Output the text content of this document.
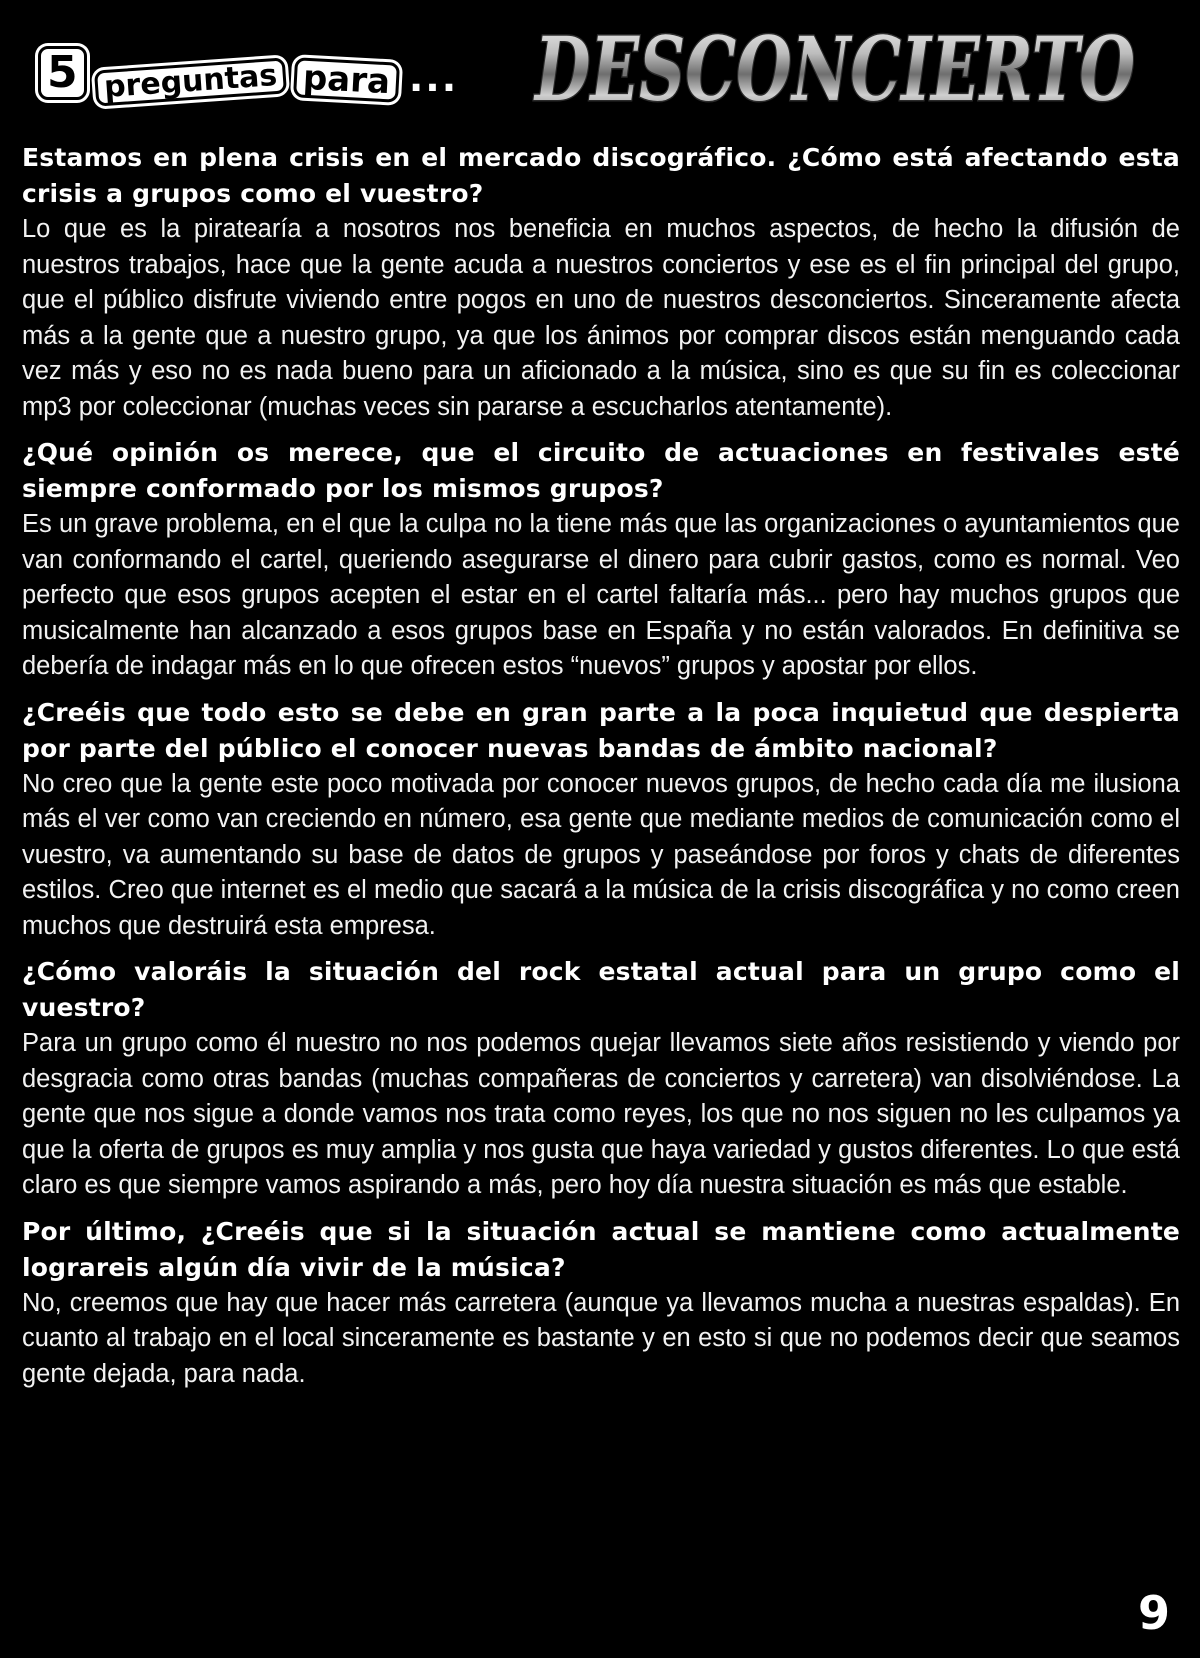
5 preguntas para ... DESCONCIERTO

Estamos en plena crisis en el mercado discográfico. ¿Cómo está afectando esta crisis a grupos como el vuestro?

Lo que es la piratearía a nosotros nos beneficia en muchos aspectos, de hecho la difusión de nuestros trabajos, hace que la gente acuda a nuestros conciertos y ese es el fin principal del grupo, que el público disfrute viviendo entre pogos en uno de nuestros desconciertos. Sinceramente afecta más a la gente que a nuestro grupo, ya que los ánimos por comprar discos están menguando cada vez más y eso no es nada bueno para un aficionado a la música, sino es que su fin es coleccionar mp3 por coleccionar (muchas veces sin pararse a escucharlos atentamente).

¿Qué opinión os merece, que el circuito de actuaciones en festivales esté siempre conformado por los mismos grupos?

Es un grave problema, en el que la culpa no la tiene más que las organizaciones o ayuntamientos que van conformando el cartel, queriendo asegurarse el dinero para cubrir gastos, como es normal. Veo perfecto que esos grupos acepten el estar en el cartel faltaría más... pero hay muchos grupos que musicalmente han alcanzado a esos grupos base en España y no están valorados. En definitiva se debería de indagar más en lo que ofrecen estos “nuevos” grupos y apostar por ellos.

¿Creéis que todo esto se debe en gran parte a la poca inquietud que despierta por parte del público el conocer nuevas bandas de ámbito nacional?

No creo que la gente este poco motivada por conocer nuevos grupos, de hecho cada día me ilusiona más el ver como van creciendo en número, esa gente que mediante medios de comunicación como el vuestro, va aumentando su base de datos de grupos y paseándose por foros y chats de diferentes estilos. Creo que internet es el medio que sacará a la música de la crisis discográfica y no como creen muchos que destruirá esta empresa.

¿Cómo valoráis la situación del rock estatal actual para un grupo como el vuestro?

Para un grupo como él nuestro no nos podemos quejar llevamos siete años resistiendo y viendo por desgracia como otras bandas (muchas compañeras de conciertos y carretera) van disolviéndose. La gente que nos sigue a donde vamos nos trata como reyes, los que no nos siguen no les culpamos ya que la oferta de grupos es muy amplia y nos gusta que haya variedad y gustos diferentes. Lo que está claro es que siempre vamos aspirando a más, pero hoy día nuestra situación es más que estable.

Por último, ¿Creéis que si la situación actual se mantiene como actualmente lograreis algún día vivir de la música?

No, creemos que hay que hacer más carretera (aunque ya llevamos mucha a nuestras espaldas). En cuanto al trabajo en el local sinceramente es bastante y en esto si que no podemos decir que seamos gente dejada, para nada.

9
